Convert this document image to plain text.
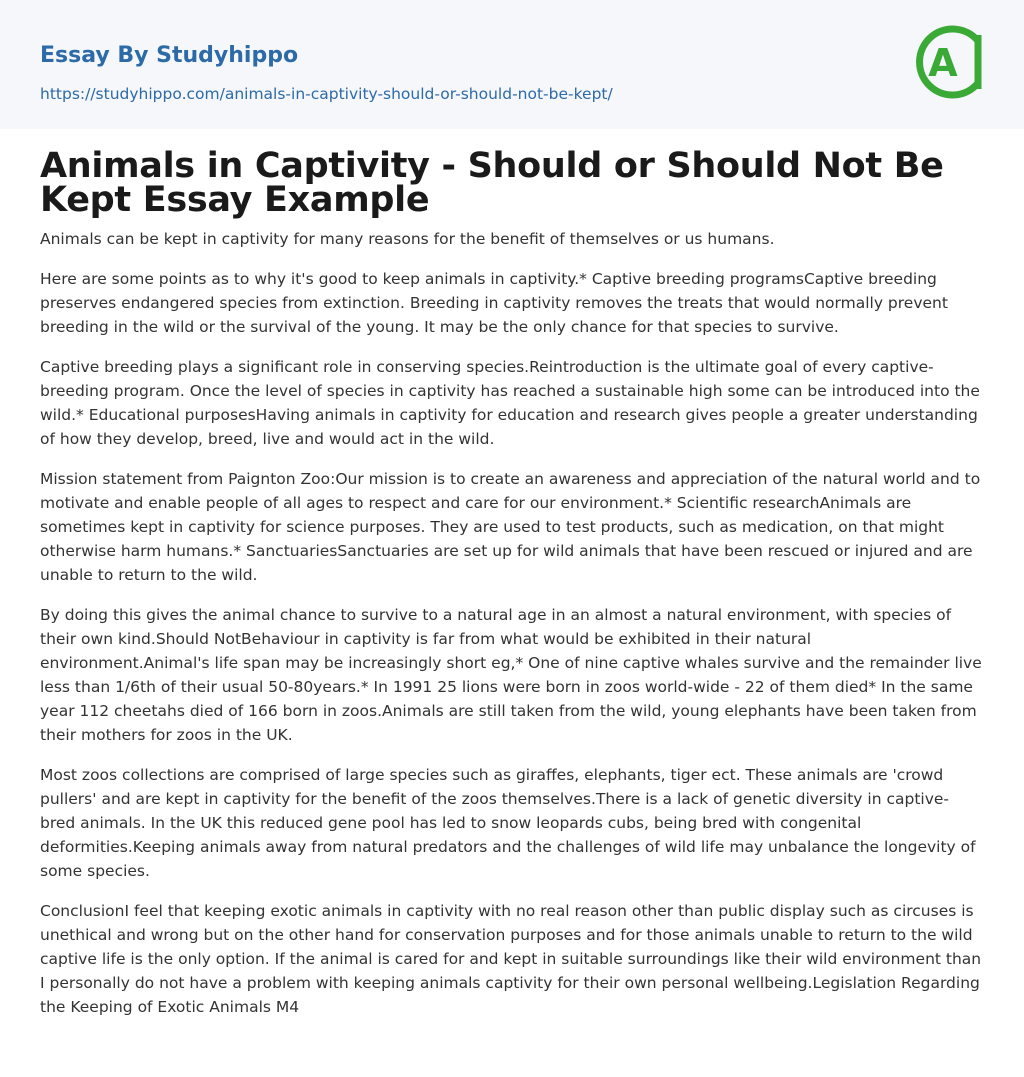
Essay By Studyhippo
https://studyhippo.com/animals-in-captivity-should-or-should-not-be-kept/
A
Animals in Captivity - Should or Should Not Be Kept Essay Example

Animals can be kept in captivity for many reasons for the benefit of themselves or us humans.

Here are some points as to why it's good to keep animals in captivity.* Captive breeding programsCaptive breeding preserves endangered species from extinction. Breeding in captivity removes the treats that would normally prevent breeding in the wild or the survival of the young. It may be the only chance for that species to survive.

Captive breeding plays a significant role in conserving species.Reintroduction is the ultimate goal of every captive-breeding program. Once the level of species in captivity has reached a sustainable high some can be introduced into the wild.* Educational purposesHaving animals in captivity for education and research gives people a greater understanding of how they develop, breed, live and would act in the wild.

Mission statement from Paignton Zoo:Our mission is to create an awareness and appreciation of the natural world and to motivate and enable people of all ages to respect and care for our environment.* Scientific researchAnimals are sometimes kept in captivity for science purposes. They are used to test products, such as medication, on that might otherwise harm humans.* SanctuariesSanctuaries are set up for wild animals that have been rescued or injured and are unable to return to the wild.

By doing this gives the animal chance to survive to a natural age in an almost a natural environment, with species of their own kind.Should NotBehaviour in captivity is far from what would be exhibited in their natural environment.Animal's life span may be increasingly short eg,* One of nine captive whales survive and the remainder live less than 1/6th of their usual 50-80years.* In 1991 25 lions were born in zoos world-wide - 22 of them died* In the same year 112 cheetahs died of 166 born in zoos.Animals are still taken from the wild, young elephants have been taken from their mothers for zoos in the UK.

Most zoos collections are comprised of large species such as giraffes, elephants, tiger ect. These animals are 'crowd pullers' and are kept in captivity for the benefit of the zoos themselves.There is a lack of genetic diversity in captive-bred animals. In the UK this reduced gene pool has led to snow leopards cubs, being bred with congenital deformities.Keeping animals away from natural predators and the challenges of wild life may unbalance the longevity of some species.

ConclusionI feel that keeping exotic animals in captivity with no real reason other than public display such as circuses is unethical and wrong but on the other hand for conservation purposes and for those animals unable to return to the wild captive life is the only option. If the animal is cared for and kept in suitable surroundings like their wild environment than I personally do not have a problem with keeping animals captivity for their own personal wellbeing.Legislation Regarding the Keeping of Exotic Animals M4
